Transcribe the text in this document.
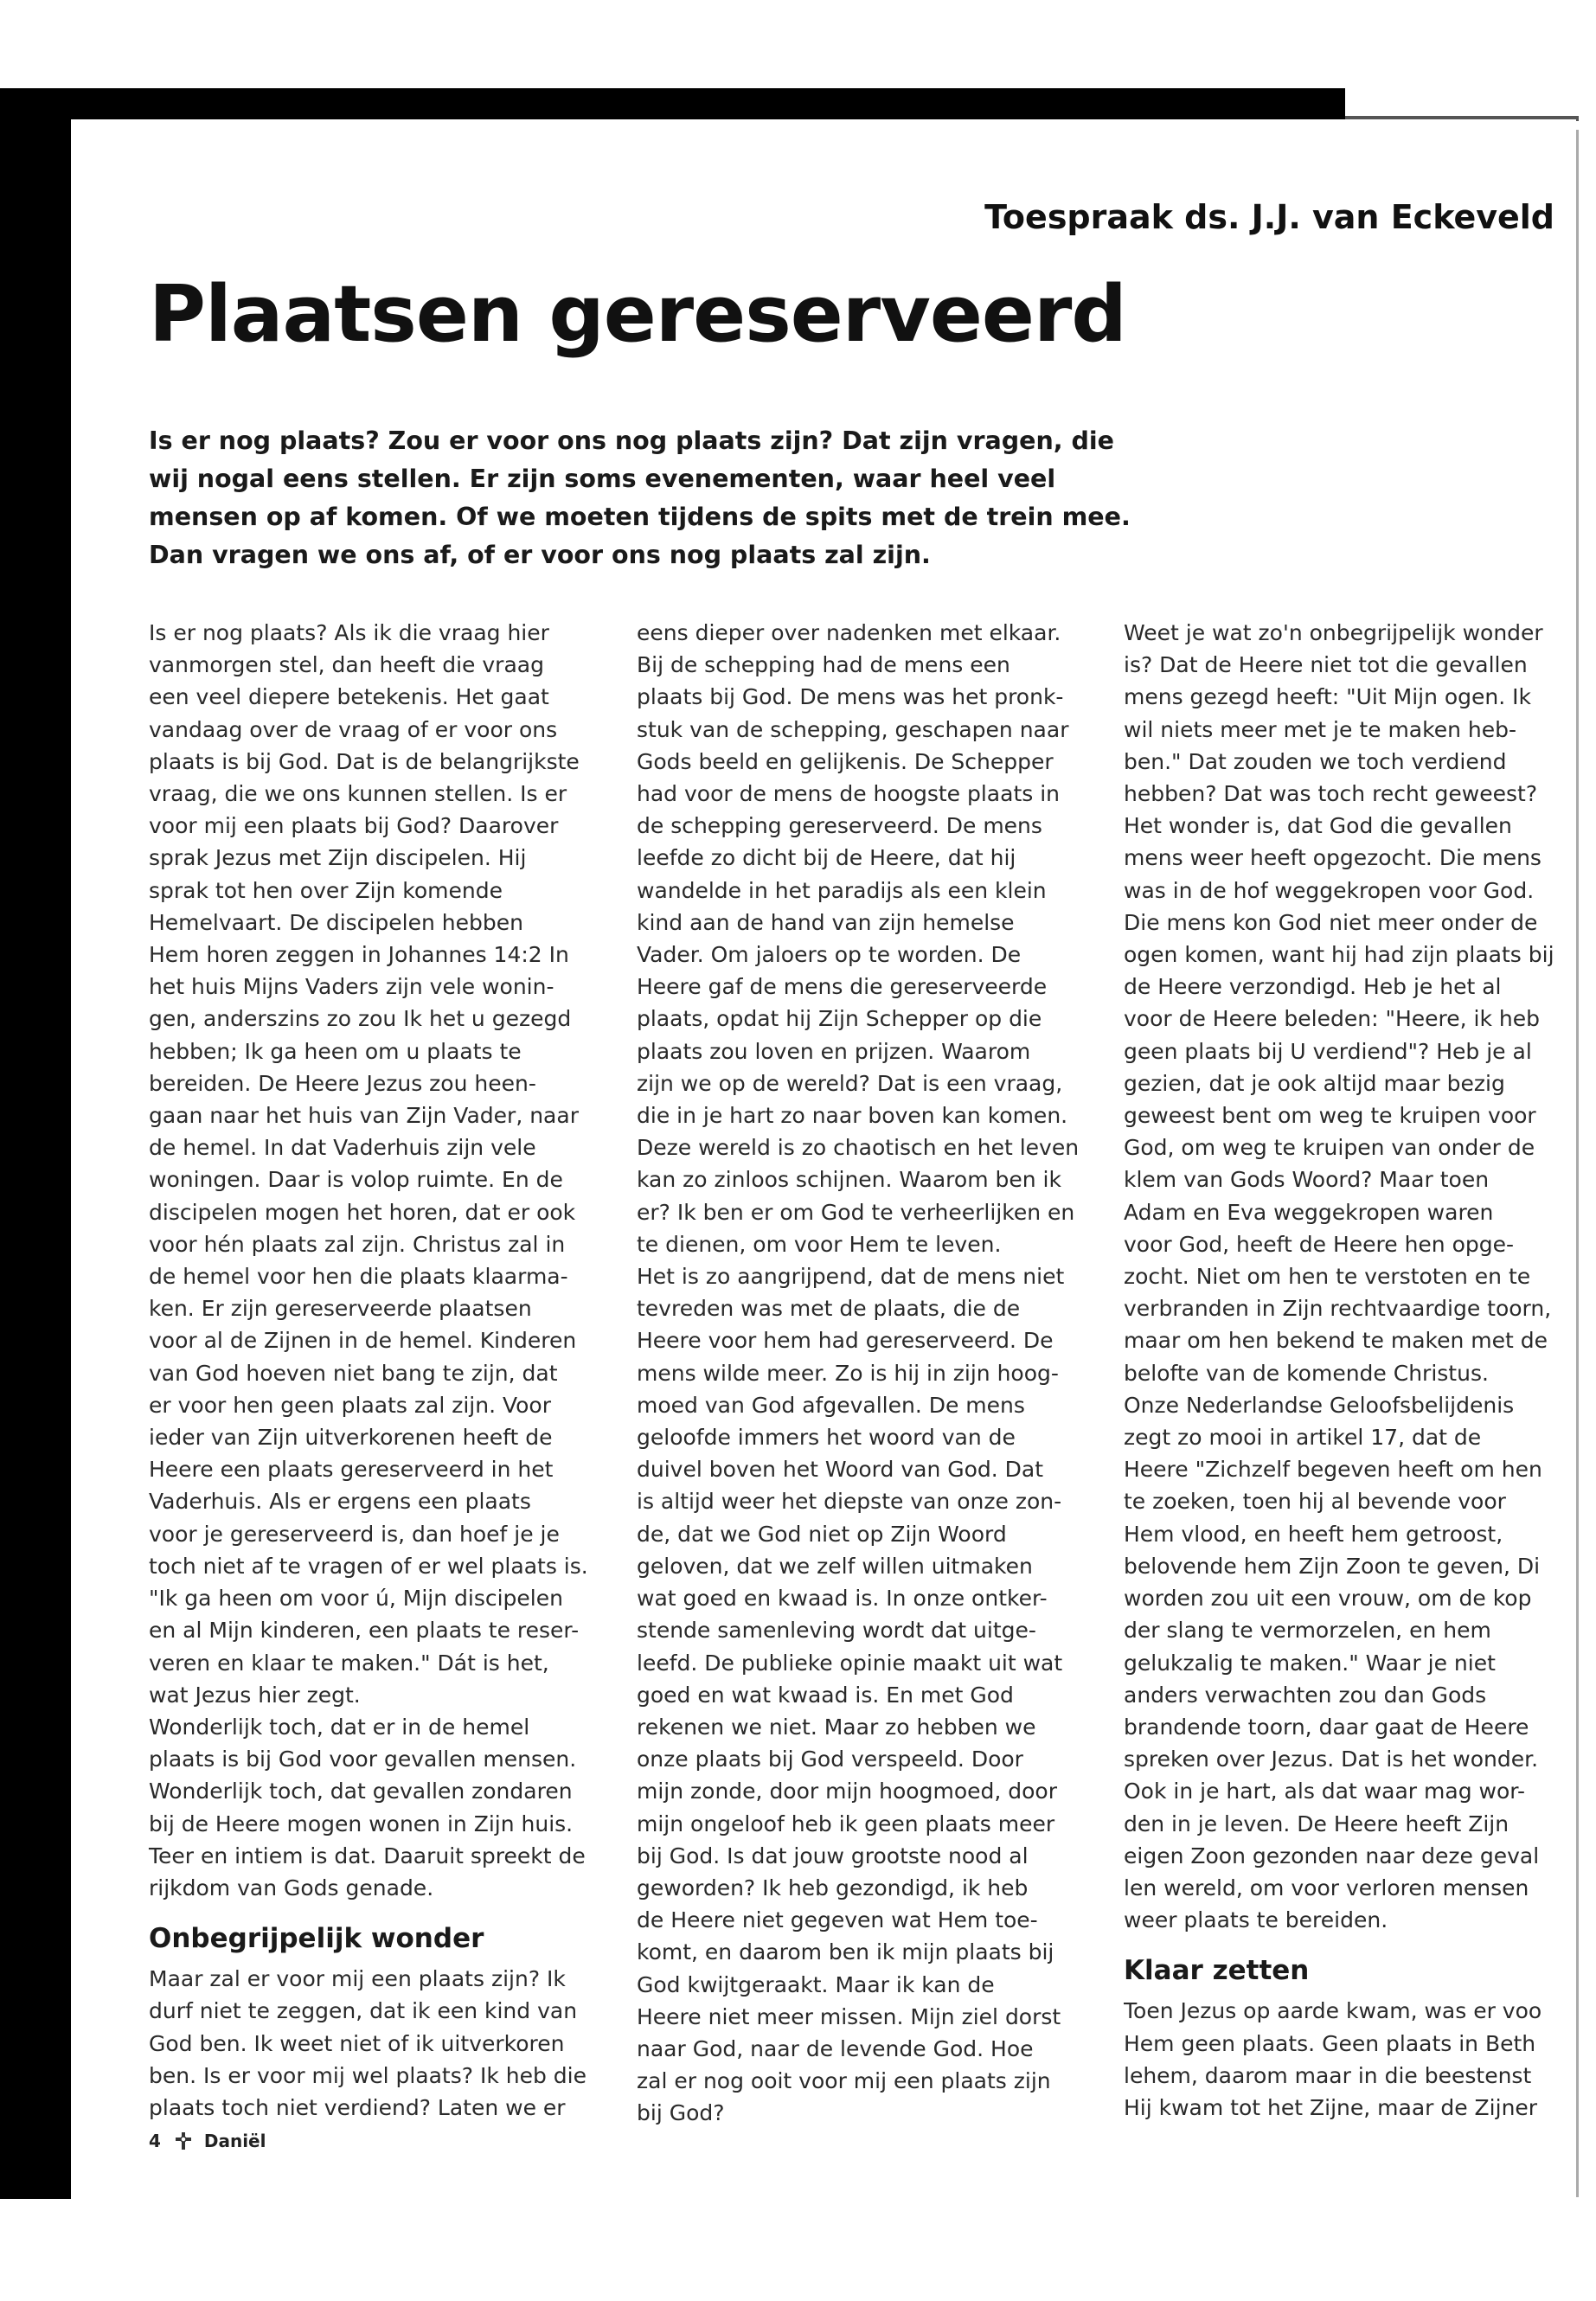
Toespraak ds. J.J. van Eckeveld
Plaatsen gereserveerd
Is er nog plaats? Zou er voor ons nog plaats zijn? Dat zijn vragen, die wij nogal eens stellen. Er zijn soms evenementen, waar heel veel mensen op af komen. Of we moeten tijdens de spits met de trein mee. Dan vragen we ons af, of er voor ons nog plaats zal zijn.

Is er nog plaats? Als ik die vraag hier
vanmorgen stel, dan heeft die vraag
een veel diepere betekenis. Het gaat
vandaag over de vraag of er voor ons
plaats is bij God. Dat is de belangrijkste
vraag, die we ons kunnen stellen. Is er
voor mij een plaats bij God? Daarover
sprak Jezus met Zijn discipelen. Hij
sprak tot hen over Zijn komende
Hemelvaart. De discipelen hebben
Hem horen zeggen in Johannes 14:2 In
het huis Mijns Vaders zijn vele wonin-
gen, anderszins zo zou Ik het u gezegd
hebben; Ik ga heen om u plaats te
bereiden. De Heere Jezus zou heen-
gaan naar het huis van Zijn Vader, naar
de hemel. In dat Vaderhuis zijn vele
woningen. Daar is volop ruimte. En de
discipelen mogen het horen, dat er ook
voor hén plaats zal zijn. Christus zal in
de hemel voor hen die plaats klaarma-
ken. Er zijn gereserveerde plaatsen
voor al de Zijnen in de hemel. Kinderen
van God hoeven niet bang te zijn, dat
er voor hen geen plaats zal zijn. Voor
ieder van Zijn uitverkorenen heeft de
Heere een plaats gereserveerd in het
Vaderhuis. Als er ergens een plaats
voor je gereserveerd is, dan hoef je je
toch niet af te vragen of er wel plaats is.
"Ik ga heen om voor ú, Mijn discipelen
en al Mijn kinderen, een plaats te reser-
veren en klaar te maken." Dát is het,
wat Jezus hier zegt.
Wonderlijk toch, dat er in de hemel
plaats is bij God voor gevallen mensen.
Wonderlijk toch, dat gevallen zondaren
bij de Heere mogen wonen in Zijn huis.
Teer en intiem is dat. Daaruit spreekt de
rijkdom van Gods genade.

Onbegrijpelijk wonder

Maar zal er voor mij een plaats zijn? Ik
durf niet te zeggen, dat ik een kind van
God ben. Ik weet niet of ik uitverkoren
ben. Is er voor mij wel plaats? Ik heb die
plaats toch niet verdiend? Laten we er

eens dieper over nadenken met elkaar.
Bij de schepping had de mens een
plaats bij God. De mens was het pronk-
stuk van de schepping, geschapen naar
Gods beeld en gelijkenis. De Schepper
had voor de mens de hoogste plaats in
de schepping gereserveerd. De mens
leefde zo dicht bij de Heere, dat hij
wandelde in het paradijs als een klein
kind aan de hand van zijn hemelse
Vader. Om jaloers op te worden. De
Heere gaf de mens die gereserveerde
plaats, opdat hij Zijn Schepper op die
plaats zou loven en prijzen. Waarom
zijn we op de wereld? Dat is een vraag,
die in je hart zo naar boven kan komen.
Deze wereld is zo chaotisch en het leven
kan zo zinloos schijnen. Waarom ben ik
er? Ik ben er om God te verheerlijken en
te dienen, om voor Hem te leven.
Het is zo aangrijpend, dat de mens niet
tevreden was met de plaats, die de
Heere voor hem had gereserveerd. De
mens wilde meer. Zo is hij in zijn hoog-
moed van God afgevallen. De mens
geloofde immers het woord van de
duivel boven het Woord van God. Dat
is altijd weer het diepste van onze zon-
de, dat we God niet op Zijn Woord
geloven, dat we zelf willen uitmaken
wat goed en kwaad is. In onze ontker-
stende samenleving wordt dat uitge-
leefd. De publieke opinie maakt uit wat
goed en wat kwaad is. En met God
rekenen we niet. Maar zo hebben we
onze plaats bij God verspeeld. Door
mijn zonde, door mijn hoogmoed, door
mijn ongeloof heb ik geen plaats meer
bij God. Is dat jouw grootste nood al
geworden? Ik heb gezondigd, ik heb
de Heere niet gegeven wat Hem toe-
komt, en daarom ben ik mijn plaats bij
God kwijtgeraakt. Maar ik kan de
Heere niet meer missen. Mijn ziel dorst
naar God, naar de levende God. Hoe
zal er nog ooit voor mij een plaats zijn
bij God?

Weet je wat zo'n onbegrijpelijk wonder
is? Dat de Heere niet tot die gevallen
mens gezegd heeft: "Uit Mijn ogen. Ik
wil niets meer met je te maken heb-
ben." Dat zouden we toch verdiend
hebben? Dat was toch recht geweest?
Het wonder is, dat God die gevallen
mens weer heeft opgezocht. Die mens
was in de hof weggekropen voor God.
Die mens kon God niet meer onder de
ogen komen, want hij had zijn plaats bij
de Heere verzondigd. Heb je het al
voor de Heere beleden: "Heere, ik heb
geen plaats bij U verdiend"? Heb je al
gezien, dat je ook altijd maar bezig
geweest bent om weg te kruipen voor
God, om weg te kruipen van onder de
klem van Gods Woord? Maar toen
Adam en Eva weggekropen waren
voor God, heeft de Heere hen opge-
zocht. Niet om hen te verstoten en te
verbranden in Zijn rechtvaardige toorn,
maar om hen bekend te maken met de
belofte van de komende Christus.
Onze Nederlandse Geloofsbelijdenis
zegt zo mooi in artikel 17, dat de
Heere "Zichzelf begeven heeft om hen
te zoeken, toen hij al bevende voor
Hem vlood, en heeft hem getroost,
belovende hem Zijn Zoon te geven, Di
worden zou uit een vrouw, om de kop
der slang te vermorzelen, en hem
gelukzalig te maken." Waar je niet
anders verwachten zou dan Gods
brandende toorn, daar gaat de Heere
spreken over Jezus. Dat is het wonder.
Ook in je hart, als dat waar mag wor-
den in je leven. De Heere heeft Zijn
eigen Zoon gezonden naar deze geval
len wereld, om voor verloren mensen
weer plaats te bereiden.

Klaar zetten

Toen Jezus op aarde kwam, was er voo
Hem geen plaats. Geen plaats in Beth
lehem, daarom maar in die beestenst
Hij kwam tot het Zijne, maar de Zijner

4 Daniël
